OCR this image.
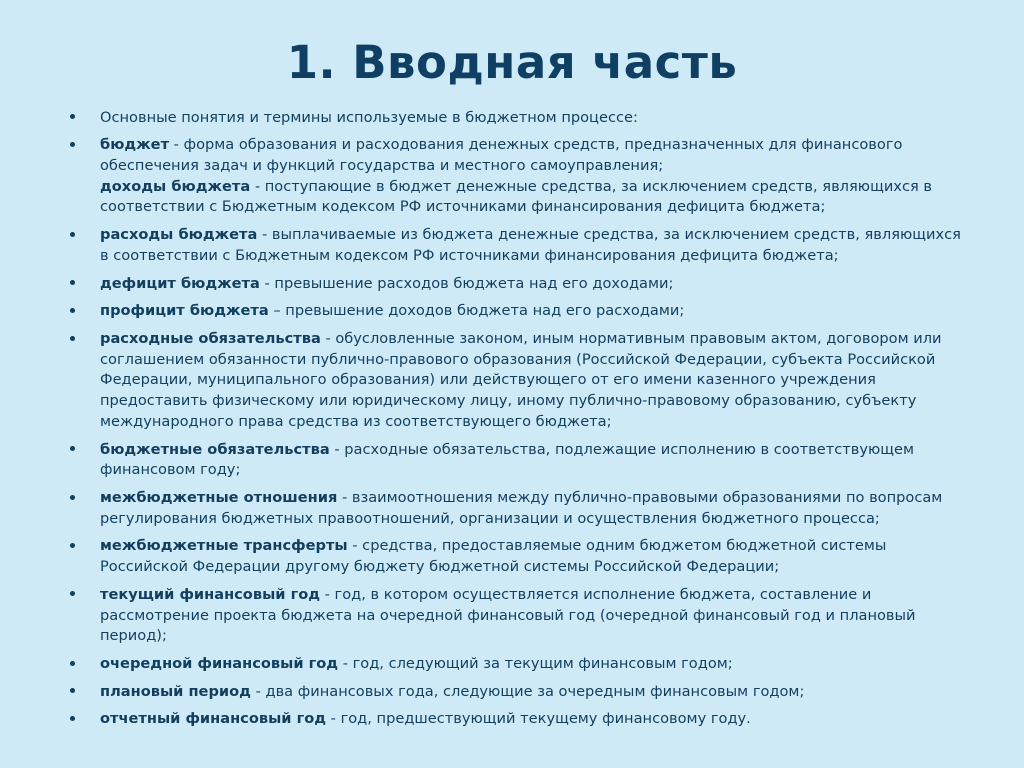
1. Вводная часть
Основные понятия и термины используемые в бюджетном процессе:
бюджет - форма образования и расходования денежных средств, предназначенных для финансового обеспечения задач и функций государства и местного самоуправления;
доходы бюджета - поступающие в бюджет денежные средства, за исключением средств, являющихся в соответствии с Бюджетным кодексом РФ источниками финансирования дефицита бюджета;
расходы бюджета - выплачиваемые из бюджета денежные средства, за исключением средств, являющихся в соответствии с Бюджетным кодексом РФ источниками финансирования дефицита бюджета;
дефицит бюджета - превышение расходов бюджета над его доходами;
профицит бюджета – превышение доходов бюджета над его расходами;
расходные обязательства - обусловленные законом, иным нормативным правовым актом, договором или соглашением обязанности публично-правового образования (Российской Федерации, субъекта Российской Федерации, муниципального образования) или действующего от его имени казенного учреждения предоставить физическому или юридическому лицу, иному публично-правовому образованию, субъекту международного права средства из соответствующего бюджета;
бюджетные обязательства - расходные обязательства, подлежащие исполнению в соответствующем финансовом году;
межбюджетные отношения - взаимоотношения между публично-правовыми образованиями по вопросам регулирования бюджетных правоотношений, организации и осуществления бюджетного процесса;
межбюджетные трансферты - средства, предоставляемые одним бюджетом бюджетной системы Российской Федерации другому бюджету бюджетной системы Российской Федерации;
текущий финансовый год - год, в котором осуществляется исполнение бюджета, составление и рассмотрение проекта бюджета на очередной финансовый год (очередной финансовый год и плановый период);
очередной финансовый год - год, следующий за текущим финансовым годом;
плановый период - два финансовых года, следующие за очередным финансовым годом;
отчетный финансовый год - год, предшествующий текущему финансовому году.
